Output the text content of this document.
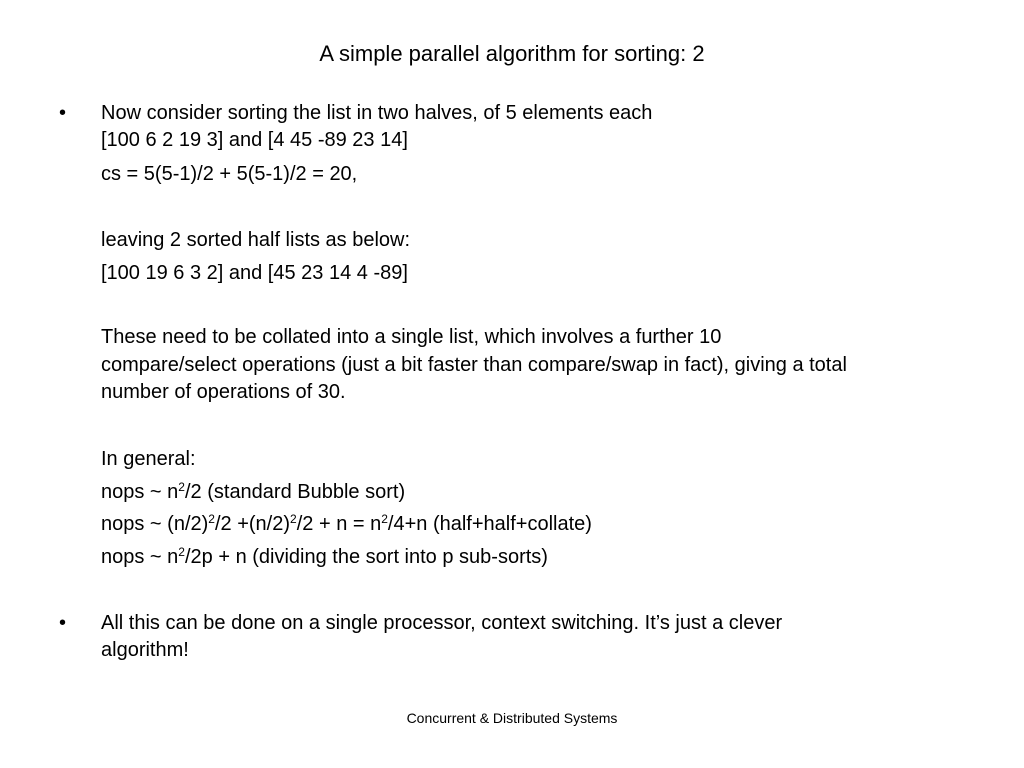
A simple parallel algorithm for sorting: 2
• Now consider sorting the list in two halves, of 5 elements each
[100 6 2 19 3] and [4 45 -89 23 14]
cs = 5(5-1)/2 + 5(5-1)/2 = 20,
leaving 2 sorted half lists as below:
[100 19 6 3 2] and [45 23 14 4 -89]
These need to be collated into a single list, which involves a further 10
compare/select operations (just a bit faster than compare/swap in fact), giving a total
number of operations of 30.
In general:
nops ~ $n^2/2$ (standard Bubble sort)
nops ~ $(n/2)^2/2 +(n/2)^2/2 + n = n^2/4+n$ (half+half+collate)
nops ~ $n^2/2p + n$ (dividing the sort into p sub-sorts)
• All this can be done on a single processor, context switching. It’s just a clever
algorithm!
Concurrent & Distributed Systems
